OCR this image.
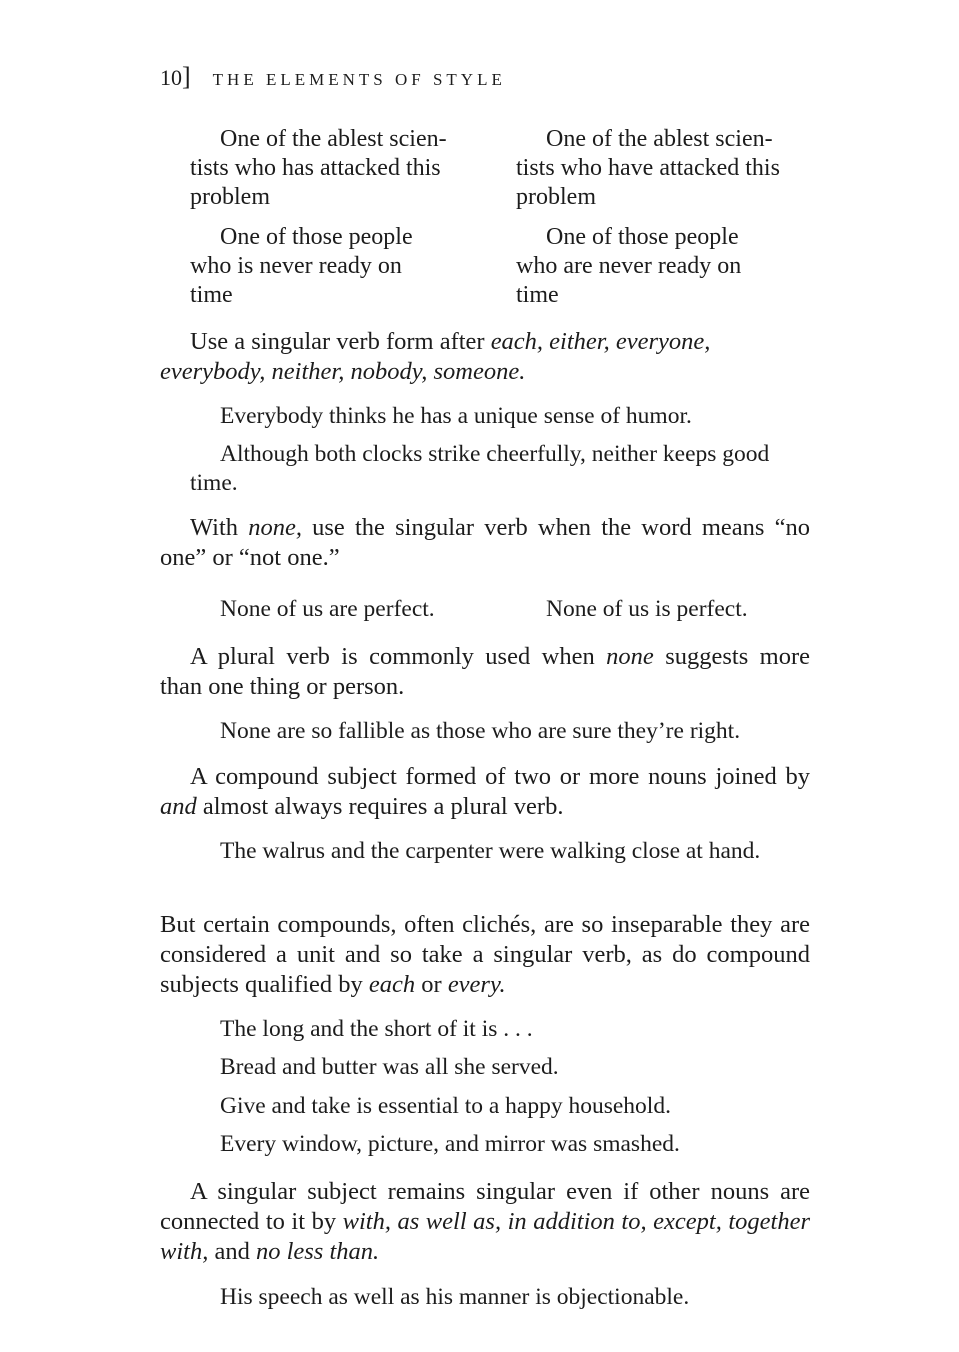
10] THE ELEMENTS OF STYLE
One of the ablest scien-
tists who has attacked this
problem
One of the ablest scien-
tists who have attacked this
problem
One of those people
who is never ready on
time
One of those people
who are never ready on
time
Use a singular verb form after each, either, everyone,
everybody, neither, nobody, someone.
Everybody thinks he has a unique sense of humor.
Although both clocks strike cheerfully, neither keeps good time.
With none, use the singular verb when the word means “no one” or “not one.”
None of us are perfect.	None of us is perfect.
A plural verb is commonly used when none suggests more than one thing or person.
None are so fallible as those who are sure they’re right.
A compound subject formed of two or more nouns joined by and almost always requires a plural verb.
The walrus and the carpenter were walking close at hand.
But certain compounds, often clichés, are so inseparable they are considered a unit and so take a singular verb, as do compound subjects qualified by each or every.
The long and the short of it is . . .
Bread and butter was all she served.
Give and take is essential to a happy household.
Every window, picture, and mirror was smashed.
A singular subject remains singular even if other nouns are connected to it by with, as well as, in addition to, except, together with, and no less than.
His speech as well as his manner is objectionable.
